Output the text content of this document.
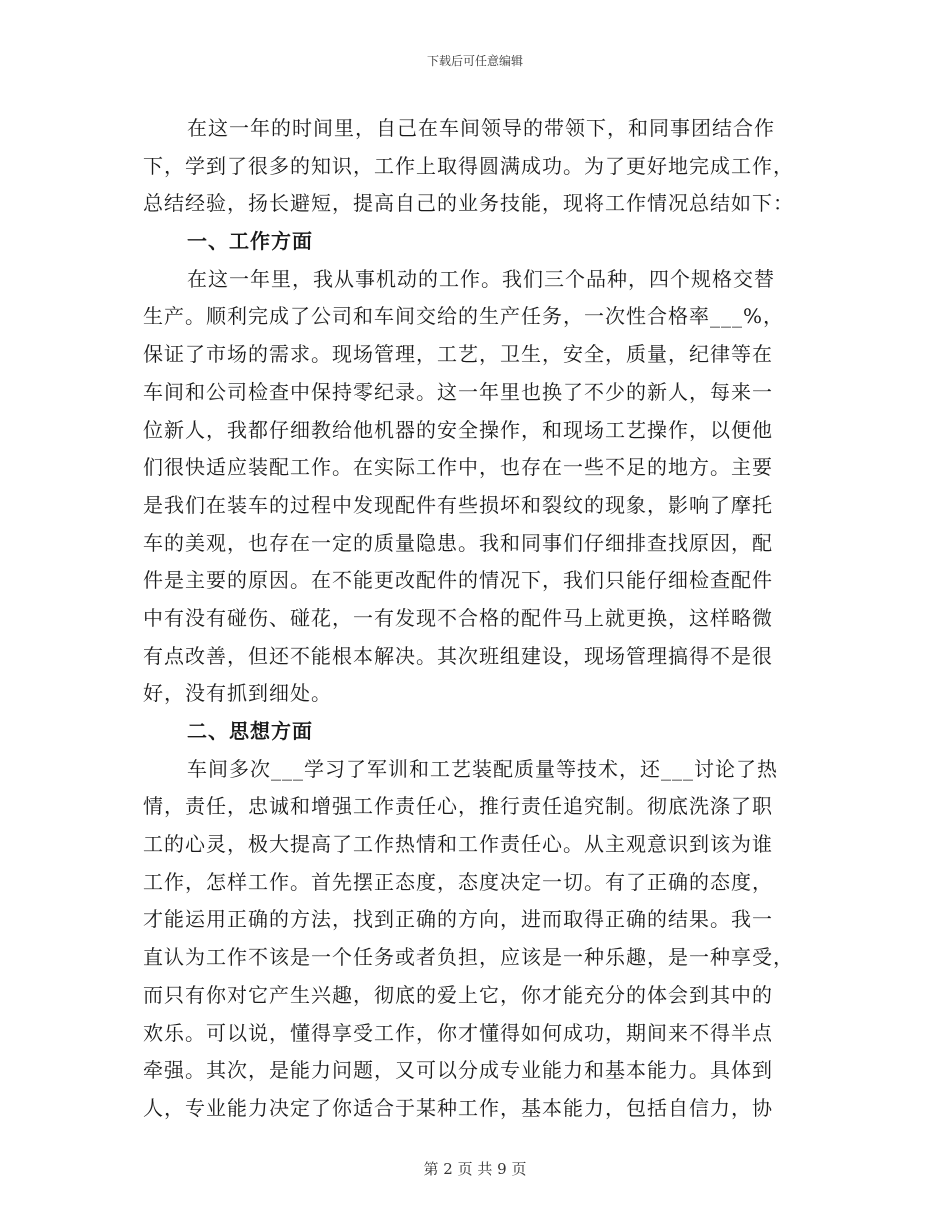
下载后可任意编辑
在这一年的时间里，自己在车间领导的带领下，和同事团结合作
下，学到了很多的知识，工作上取得圆满成功。为了更好地完成工作，
总结经验，扬长避短，提高自己的业务技能，现将工作情况总结如下：
一、工作方面
在这一年里，我从事机动的工作。我们三个品种，四个规格交替
生产。顺利完成了公司和车间交给的生产任务，一次性合格率___%，
保证了市场的需求。现场管理，工艺，卫生，安全，质量，纪律等在
车间和公司检查中保持零纪录。这一年里也换了不少的新人，每来一
位新人，我都仔细教给他机器的安全操作，和现场工艺操作，以便他
们很快适应装配工作。在实际工作中，也存在一些不足的地方。主要
是我们在装车的过程中发现配件有些损坏和裂纹的现象，影响了摩托
车的美观，也存在一定的质量隐患。我和同事们仔细排查找原因，配
件是主要的原因。在不能更改配件的情况下，我们只能仔细检查配件
中有没有碰伤、碰花，一有发现不合格的配件马上就更换，这样略微
有点改善，但还不能根本解决。其次班组建设，现场管理搞得不是很
好，没有抓到细处。
二、思想方面
车间多次___学习了军训和工艺装配质量等技术，还___讨论了热
情，责任，忠诚和增强工作责任心，推行责任追究制。彻底洗涤了职
工的心灵，极大提高了工作热情和工作责任心。从主观意识到该为谁
工作，怎样工作。首先摆正态度，态度决定一切。有了正确的态度，
才能运用正确的方法，找到正确的方向，进而取得正确的结果。我一
直认为工作不该是一个任务或者负担，应该是一种乐趣，是一种享受，
而只有你对它产生兴趣，彻底的爱上它，你才能充分的体会到其中的
欢乐。可以说，懂得享受工作，你才懂得如何成功，期间来不得半点
牵强。其次，是能力问题，又可以分成专业能力和基本能力。具体到
人，专业能力决定了你适合于某种工作，基本能力，包括自信力，协
第 2 页 共 9 页
